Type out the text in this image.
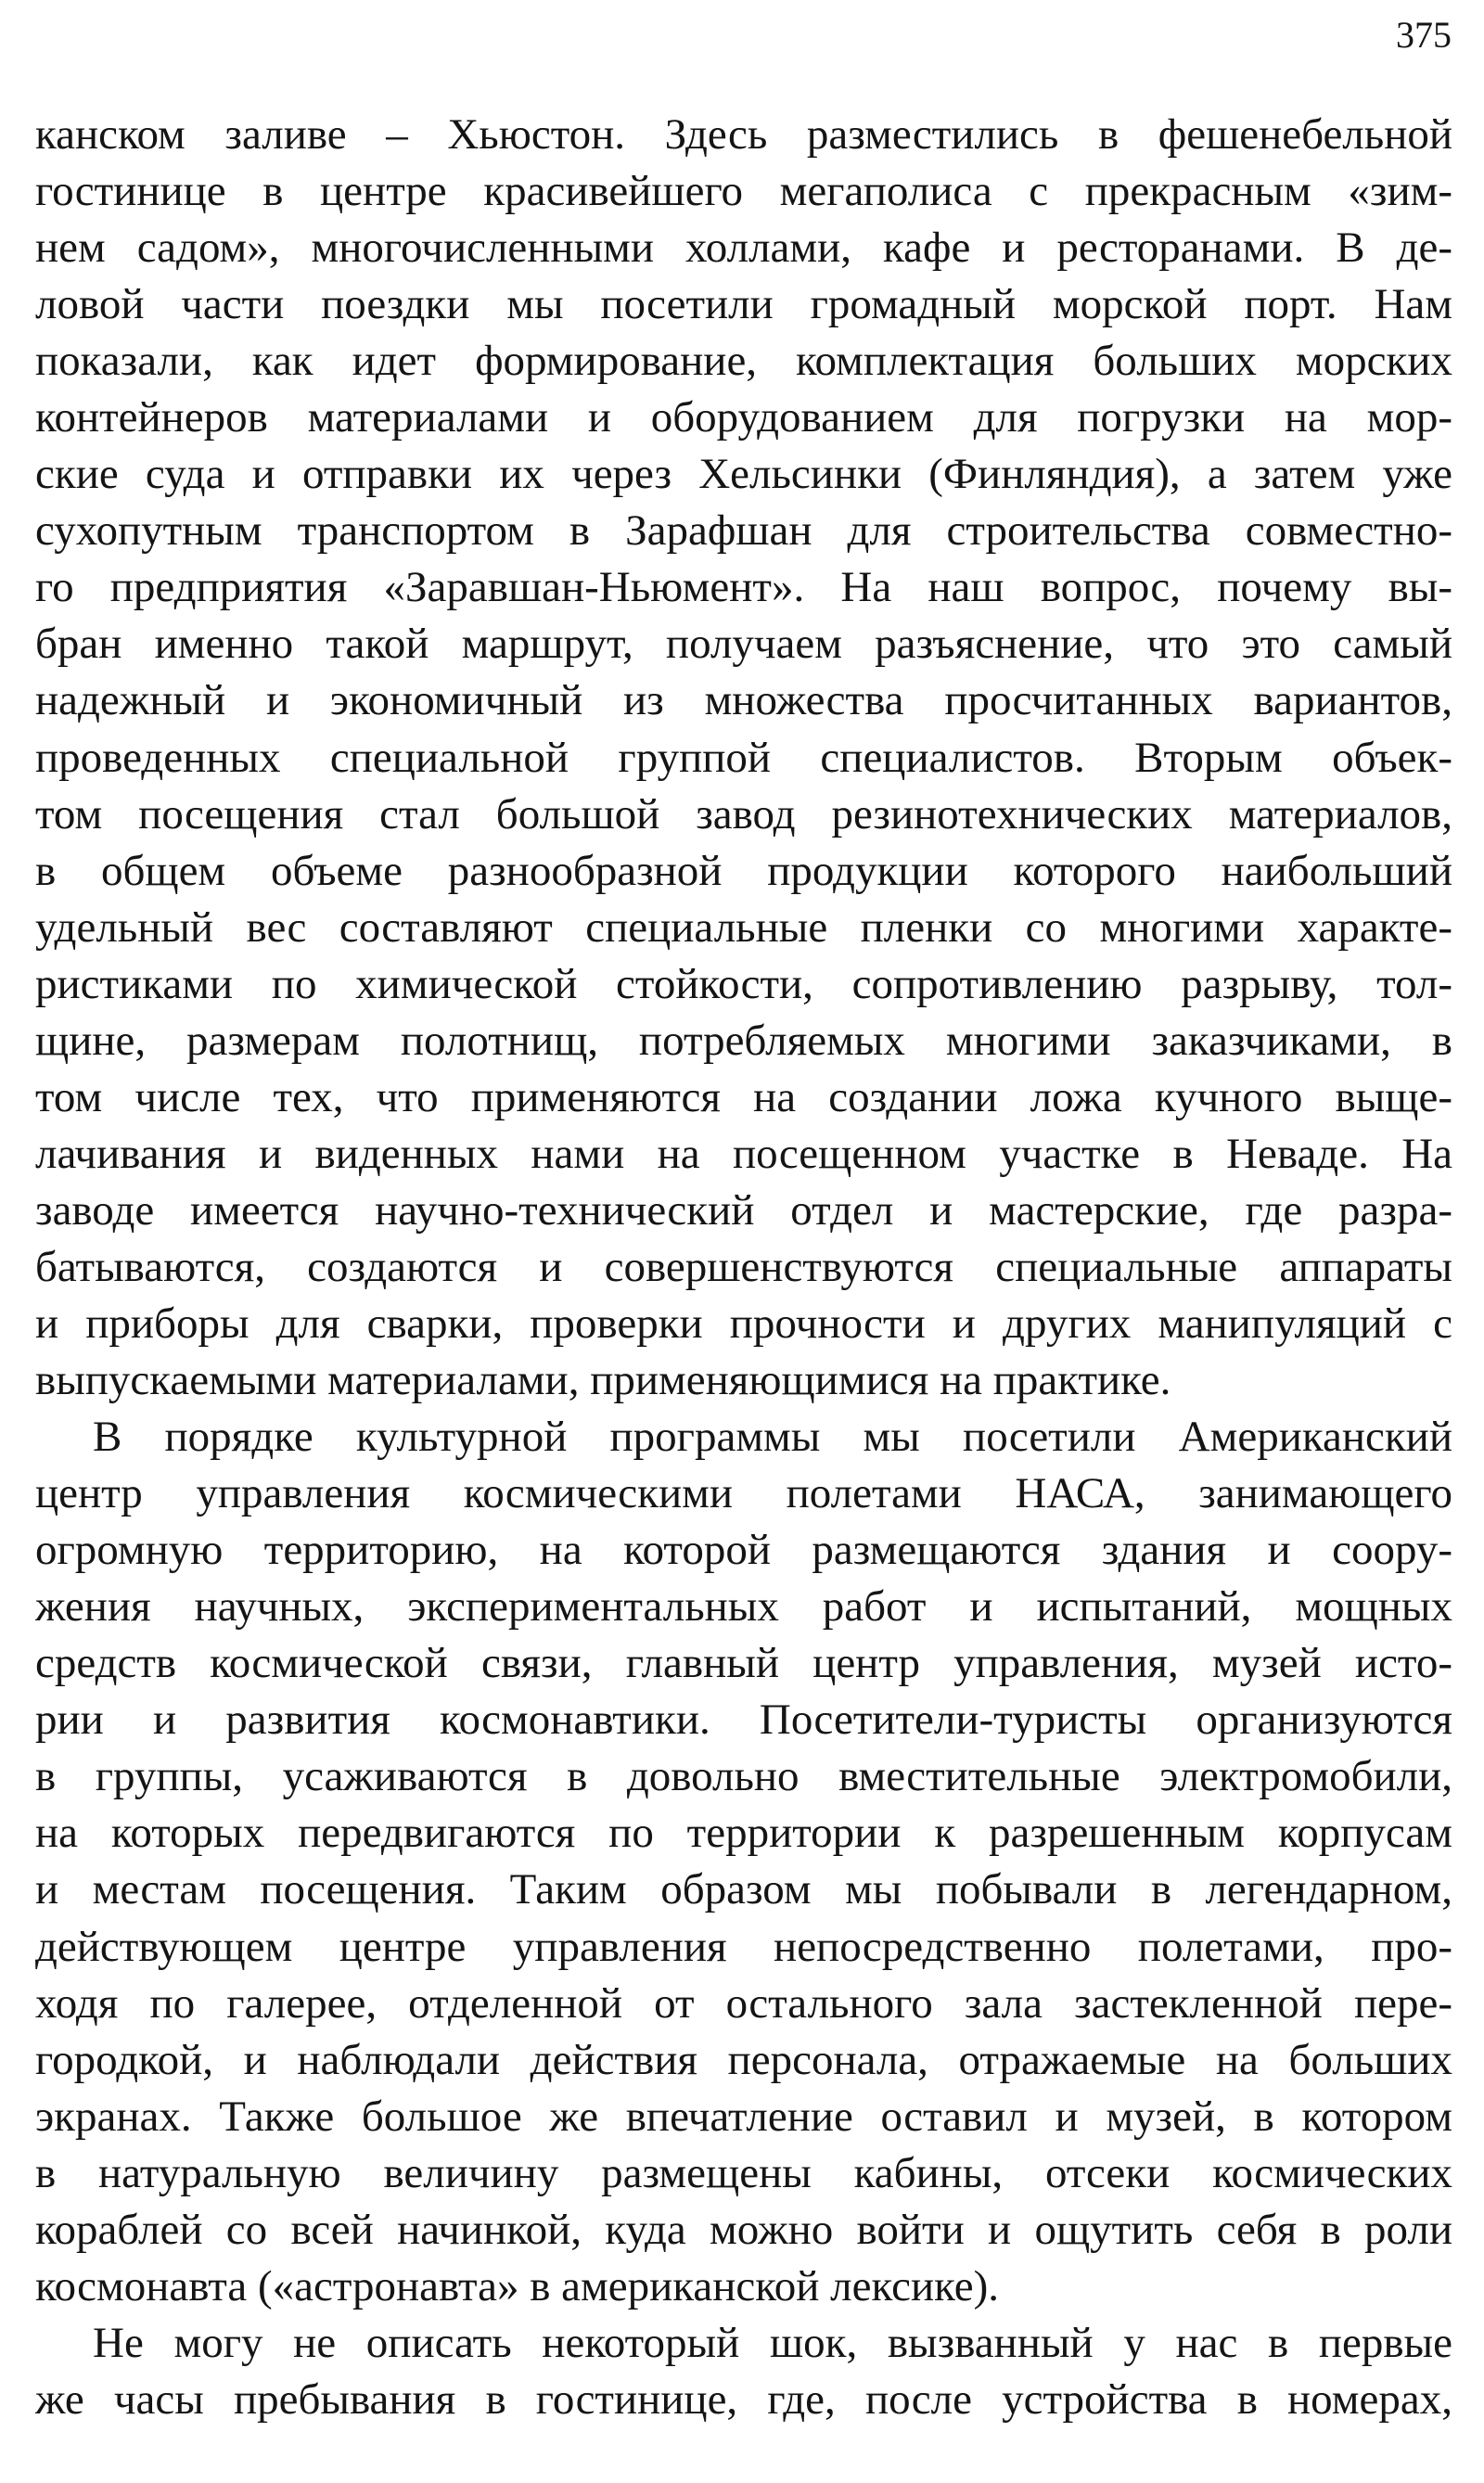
375
канском заливе – Хьюстон. Здесь разместились в фешенебельной
гостинице в центре красивейшего мегаполиса с прекрасным «зим-
нем садом», многочисленными холлами, кафе и ресторанами. В де-
ловой части поездки мы посетили громадный морской порт. Нам
показали, как идет формирование, комплектация больших морских
контейнеров материалами и оборудованием для погрузки на мор-
ские суда и отправки их через Хельсинки (Финляндия), а затем уже
сухопутным транспортом в Зарафшан для строительства совместно-
го предприятия «Заравшан-Ньюмент». На наш вопрос, почему вы-
бран именно такой маршрут, получаем разъяснение, что это самый
надежный и экономичный из множества просчитанных вариантов,
проведенных специальной группой специалистов. Вторым объек-
том посещения стал большой завод резинотехнических материалов,
в общем объеме разнообразной продукции которого наибольший
удельный вес составляют специальные пленки со многими характе-
ристиками по химической стойкости, сопротивлению разрыву, тол-
щине, размерам полотнищ, потребляемых многими заказчиками, в
том числе тех, что применяются на создании ложа кучного выще-
лачивания и виденных нами на посещенном участке в Неваде. На
заводе имеется научно-технический отдел и мастерские, где разра-
батываются, создаются и совершенствуются специальные аппараты
и приборы для сварки, проверки прочности и других манипуляций с
выпускаемыми материалами, применяющимися на практике.
В порядке культурной программы мы посетили Американский
центр управления космическими полетами НАСА, занимающего
огромную территорию, на которой размещаются здания и соору-
жения научных, экспериментальных работ и испытаний, мощных
средств космической связи, главный центр управления, музей исто-
рии и развития космонавтики. Посетители-туристы организуются
в группы, усаживаются в довольно вместительные электромобили,
на которых передвигаются по территории к разрешенным корпусам
и местам посещения. Таким образом мы побывали в легендарном,
действующем центре управления непосредственно полетами, про-
ходя по галерее, отделенной от остального зала застекленной пере-
городкой, и наблюдали действия персонала, отражаемые на больших
экранах. Также большое же впечатление оставил и музей, в котором
в натуральную величину размещены кабины, отсеки космических
кораблей со всей начинкой, куда можно войти и ощутить себя в роли
космонавта («астронавта» в американской лексике).
Не могу не описать некоторый шок, вызванный у нас в первые
же часы пребывания в гостинице, где, после устройства в номерах,
